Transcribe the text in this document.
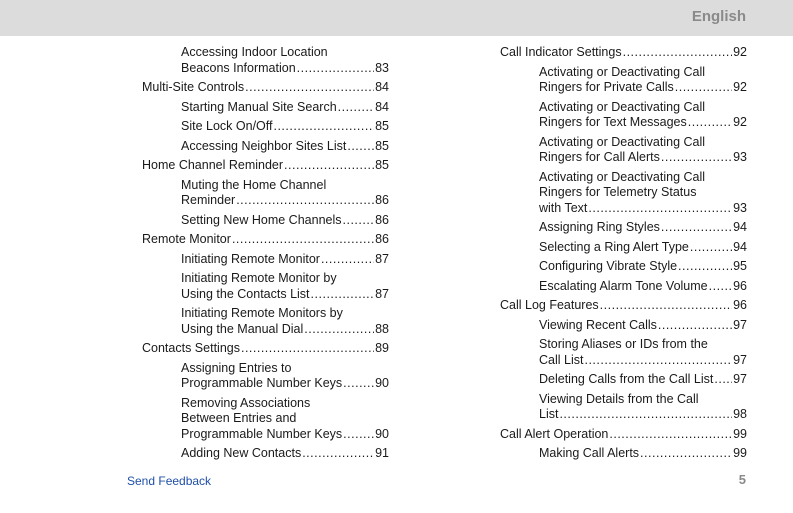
English
Accessing Indoor Location
Beacons Information .....	83
Multi-Site Controls .....	84
Starting Manual Site Search .....	84
Site Lock On/Off .....	85
Accessing Neighbor Sites List ..... 85
Home Channel Reminder .....	85
Muting the Home Channel
Reminder .....	86
Setting New Home Channels .....	86
Remote Monitor .....	86
Initiating Remote Monitor .....	87
Initiating Remote Monitor by
Using the Contacts List .....	87
Initiating Remote Monitors by
Using the Manual Dial .....	88
Contacts Settings .....	89
Assigning Entries to
Programmable Number Keys .....	90
Removing Associations
Between Entries and
Programmable Number Keys .....	90
Adding New Contacts .....	91
Call Indicator Settings .....	92
Activating or Deactivating Call
Ringers for Private Calls .....	92
Activating or Deactivating Call
Ringers for Text Messages .....	92
Activating or Deactivating Call
Ringers for Call Alerts .....	93
Activating or Deactivating Call
Ringers for Telemetry Status
with Text .....	93
Assigning Ring Styles .....	94
Selecting a Ring Alert Type .....	94
Configuring Vibrate Style .....	95
Escalating Alarm Tone Volume ..... 96
Call Log Features .....	96
Viewing Recent Calls .....	97
Storing Aliases or IDs from the
Call List .....	97
Deleting Calls from the Call List ..... 97
Viewing Details from the Call
List .....	98
Call Alert Operation .....	99
Making Call Alerts .....	99
Send Feedback	5
